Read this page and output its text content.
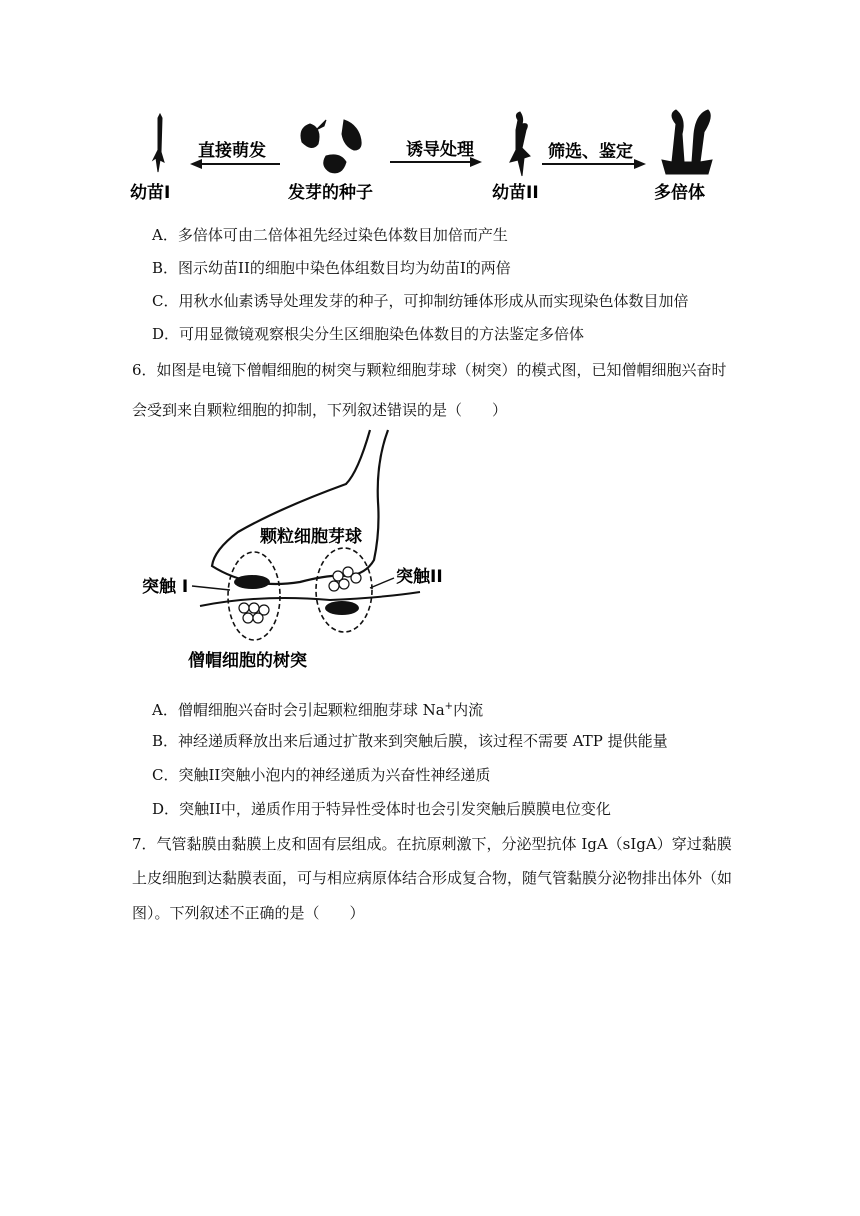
幼苗I
直接萌发
发芽的种子
诱导处理
幼苗II
筛选、鉴定
多倍体
A．多倍体可由二倍体祖先经过染色体数目加倍而产生
B．图示幼苗II的细胞中染色体组数目均为幼苗I的两倍
C．用秋水仙素诱导处理发芽的种子，可抑制纺锤体形成从而实现染色体数目加倍
D．可用显微镜观察根尖分生区细胞染色体数目的方法鉴定多倍体
6．如图是电镜下僧帽细胞的树突与颗粒细胞芽球（树突）的模式图，已知僧帽细胞兴奋时
会受到来自颗粒细胞的抑制，下列叙述错误的是（　　）
颗粒细胞芽球
突触 I	突触II
僧帽细胞的树突
A．僧帽细胞兴奋时会引起颗粒细胞芽球 Na+内流
B．神经递质释放出来后通过扩散来到突触后膜，该过程不需要 ATP 提供能量
C．突触II突触小泡内的神经递质为兴奋性神经递质
D．突触II中，递质作用于特异性受体时也会引发突触后膜膜电位变化
7．气管黏膜由黏膜上皮和固有层组成。在抗原刺激下，分泌型抗体 IgA（sIgA）穿过黏膜
上皮细胞到达黏膜表面，可与相应病原体结合形成复合物，随气管黏膜分泌物排出体外（如
图）。下列叙述不正确的是（　　）
